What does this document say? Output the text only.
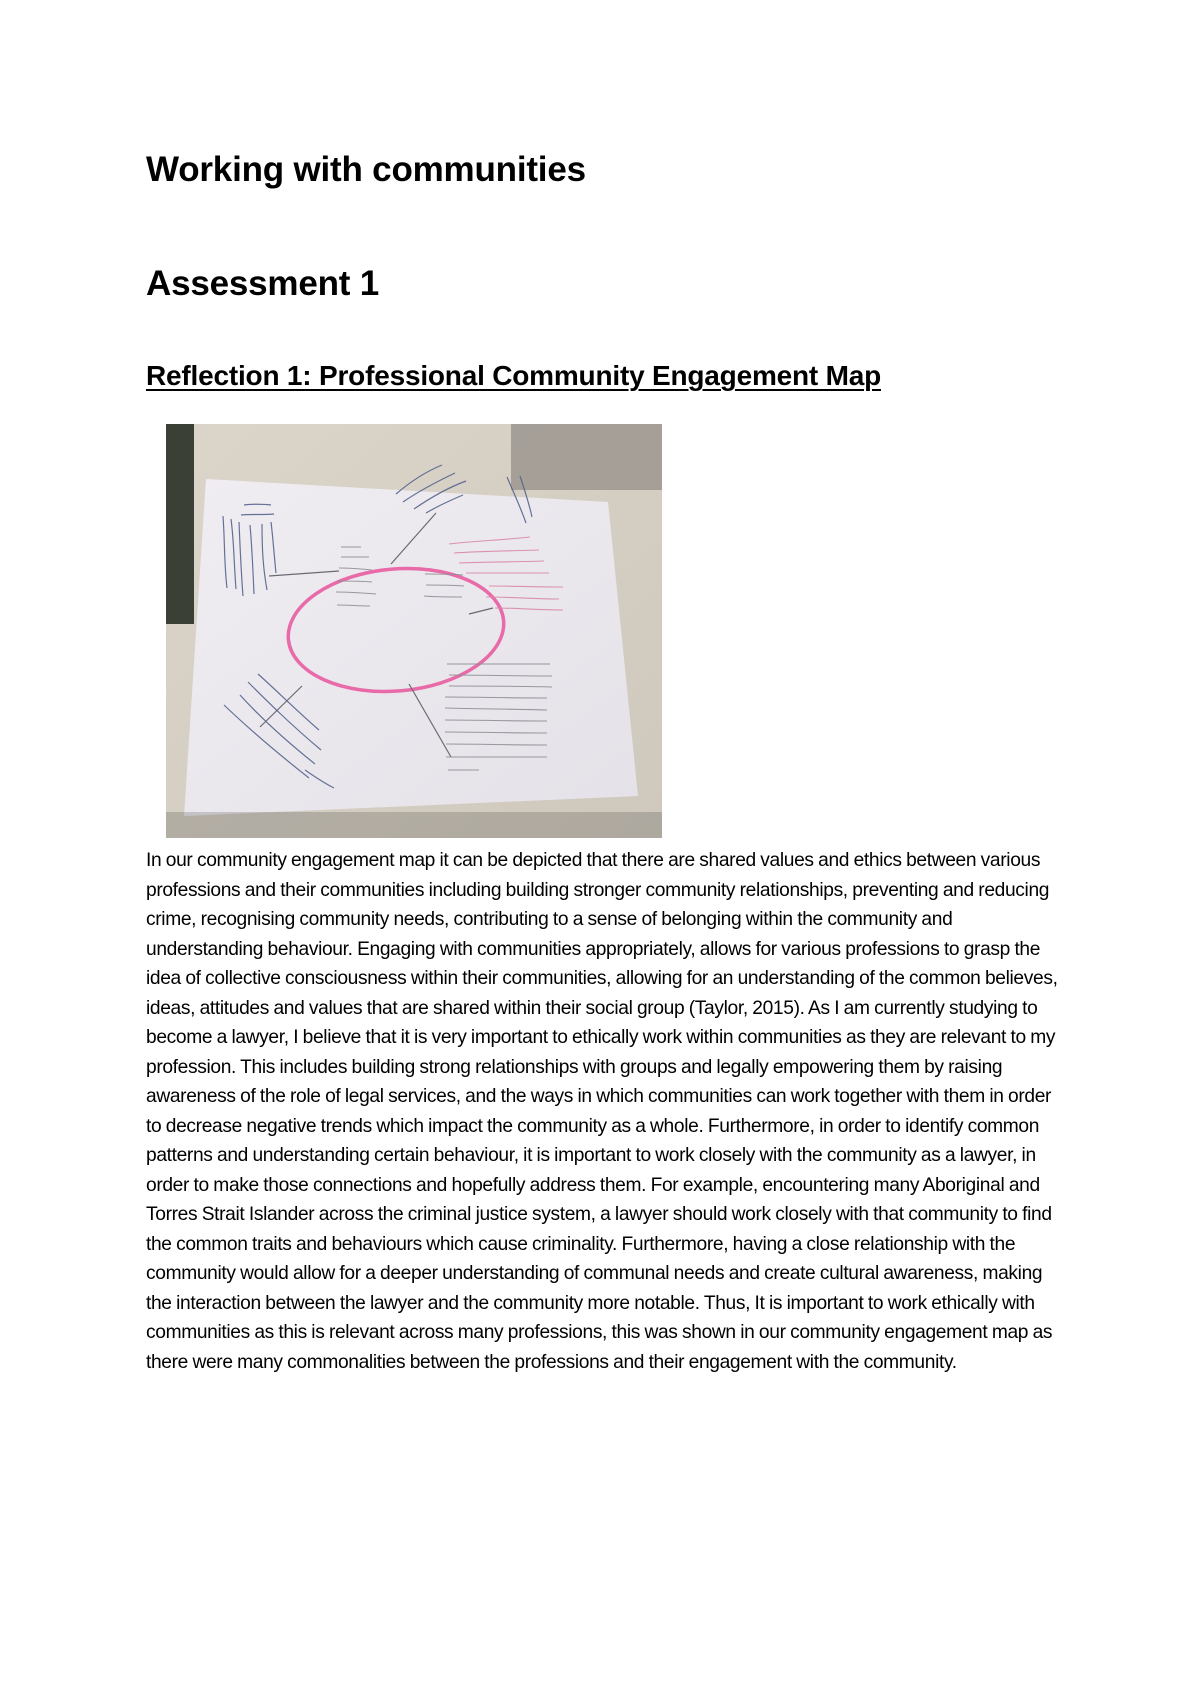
Working with communities
Assessment 1
Reflection 1: Professional Community Engagement Map

In our community engagement map it can be depicted that there are shared values and ethics between various professions and their communities including building stronger community relationships, preventing and reducing crime, recognising community needs, contributing to a sense of belonging within the community and understanding behaviour. Engaging with communities appropriately, allows for various professions to grasp the idea of collective consciousness within their communities, allowing for an understanding of the common believes, ideas, attitudes and values that are shared within their social group (Taylor, 2015). As I am currently studying to become a lawyer, I believe that it is very important to ethically work within communities as they are relevant to my profession. This includes building strong relationships with groups and legally empowering them by raising awareness of the role of legal services, and the ways in which communities can work together with them in order to decrease negative trends which impact the community as a whole. Furthermore, in order to identify common patterns and understanding certain behaviour, it is important to work closely with the community as a lawyer, in order to make those connections and hopefully address them. For example, encountering many Aboriginal and Torres Strait Islander across the criminal justice system, a lawyer should work closely with that community to find the common traits and behaviours which cause criminality. Furthermore, having a close relationship with the community would allow for a deeper understanding of communal needs and create cultural awareness, making the interaction between the lawyer and the community more notable. Thus, It is important to work ethically with communities as this is relevant across many professions, this was shown in our community engagement map as there were many commonalities between the professions and their engagement with the community.
